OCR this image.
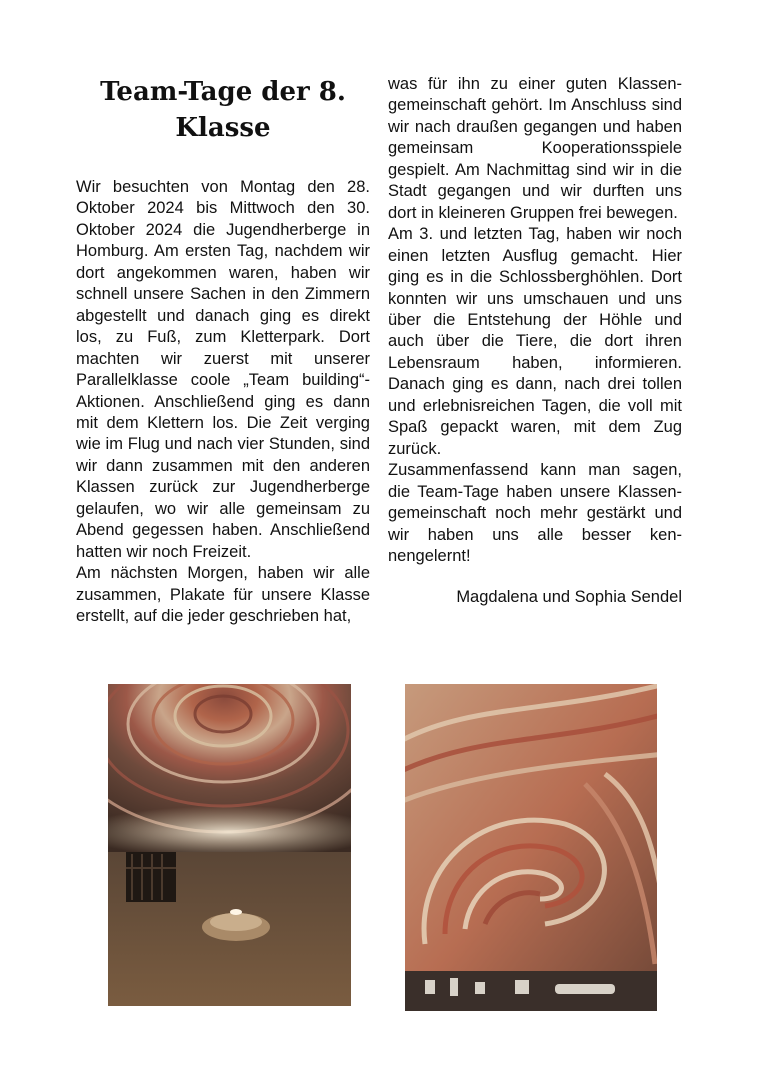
Team-Tage der 8. Klasse

Wir besuchten von Montag den 28. Oktober 2024 bis Mittwoch den 30. Oktober 2024 die Jugendherberge in Homburg. Am ersten Tag, nachdem wir dort angekommen waren, haben wir schnell unsere Sachen in den Zimmern abgestellt und danach ging es direkt los, zu Fuß, zum Kletterpark. Dort machten wir zuerst mit unserer Parallelklasse coole „Team building“-Aktionen. Anschließend ging es dann mit dem Klettern los. Die Zeit verging wie im Flug und nach vier Stunden, sind wir dann zusammen mit den anderen Klassen zurück zur Jugendherberge gelaufen, wo wir alle gemeinsam zu Abend gegessen haben. Anschließend hatten wir noch Freizeit.

Am nächsten Morgen, haben wir alle zusammen, Plakate für unsere Klasse erstellt, auf die jeder geschrieben hat,

was für ihn zu einer guten Klassengemeinschaft gehört. Im Anschluss sind wir nach draußen gegangen und haben gemeinsam Kooperationsspiele gespielt. Am Nachmittag sind wir in die Stadt gegangen und wir durften uns dort in kleineren Gruppen frei bewegen.

Am 3. und letzten Tag, haben wir noch einen letzten Ausflug gemacht. Hier ging es in die Schlossberghöhlen. Dort konnten wir uns umschauen und uns über die Entstehung der Höhle und auch über die Tiere, die dort ihren Lebensraum haben, informieren. Danach ging es dann, nach drei tollen und erlebnisreichen Tagen, die voll mit Spaß gepackt waren, mit dem Zug zurück.

Zusammenfassend kann man sagen, die Team-Tage haben unsere Klassengemeinschaft noch mehr gestärkt und wir haben uns alle besser kennengelernt!

Magdalena und Sophia Sendel
